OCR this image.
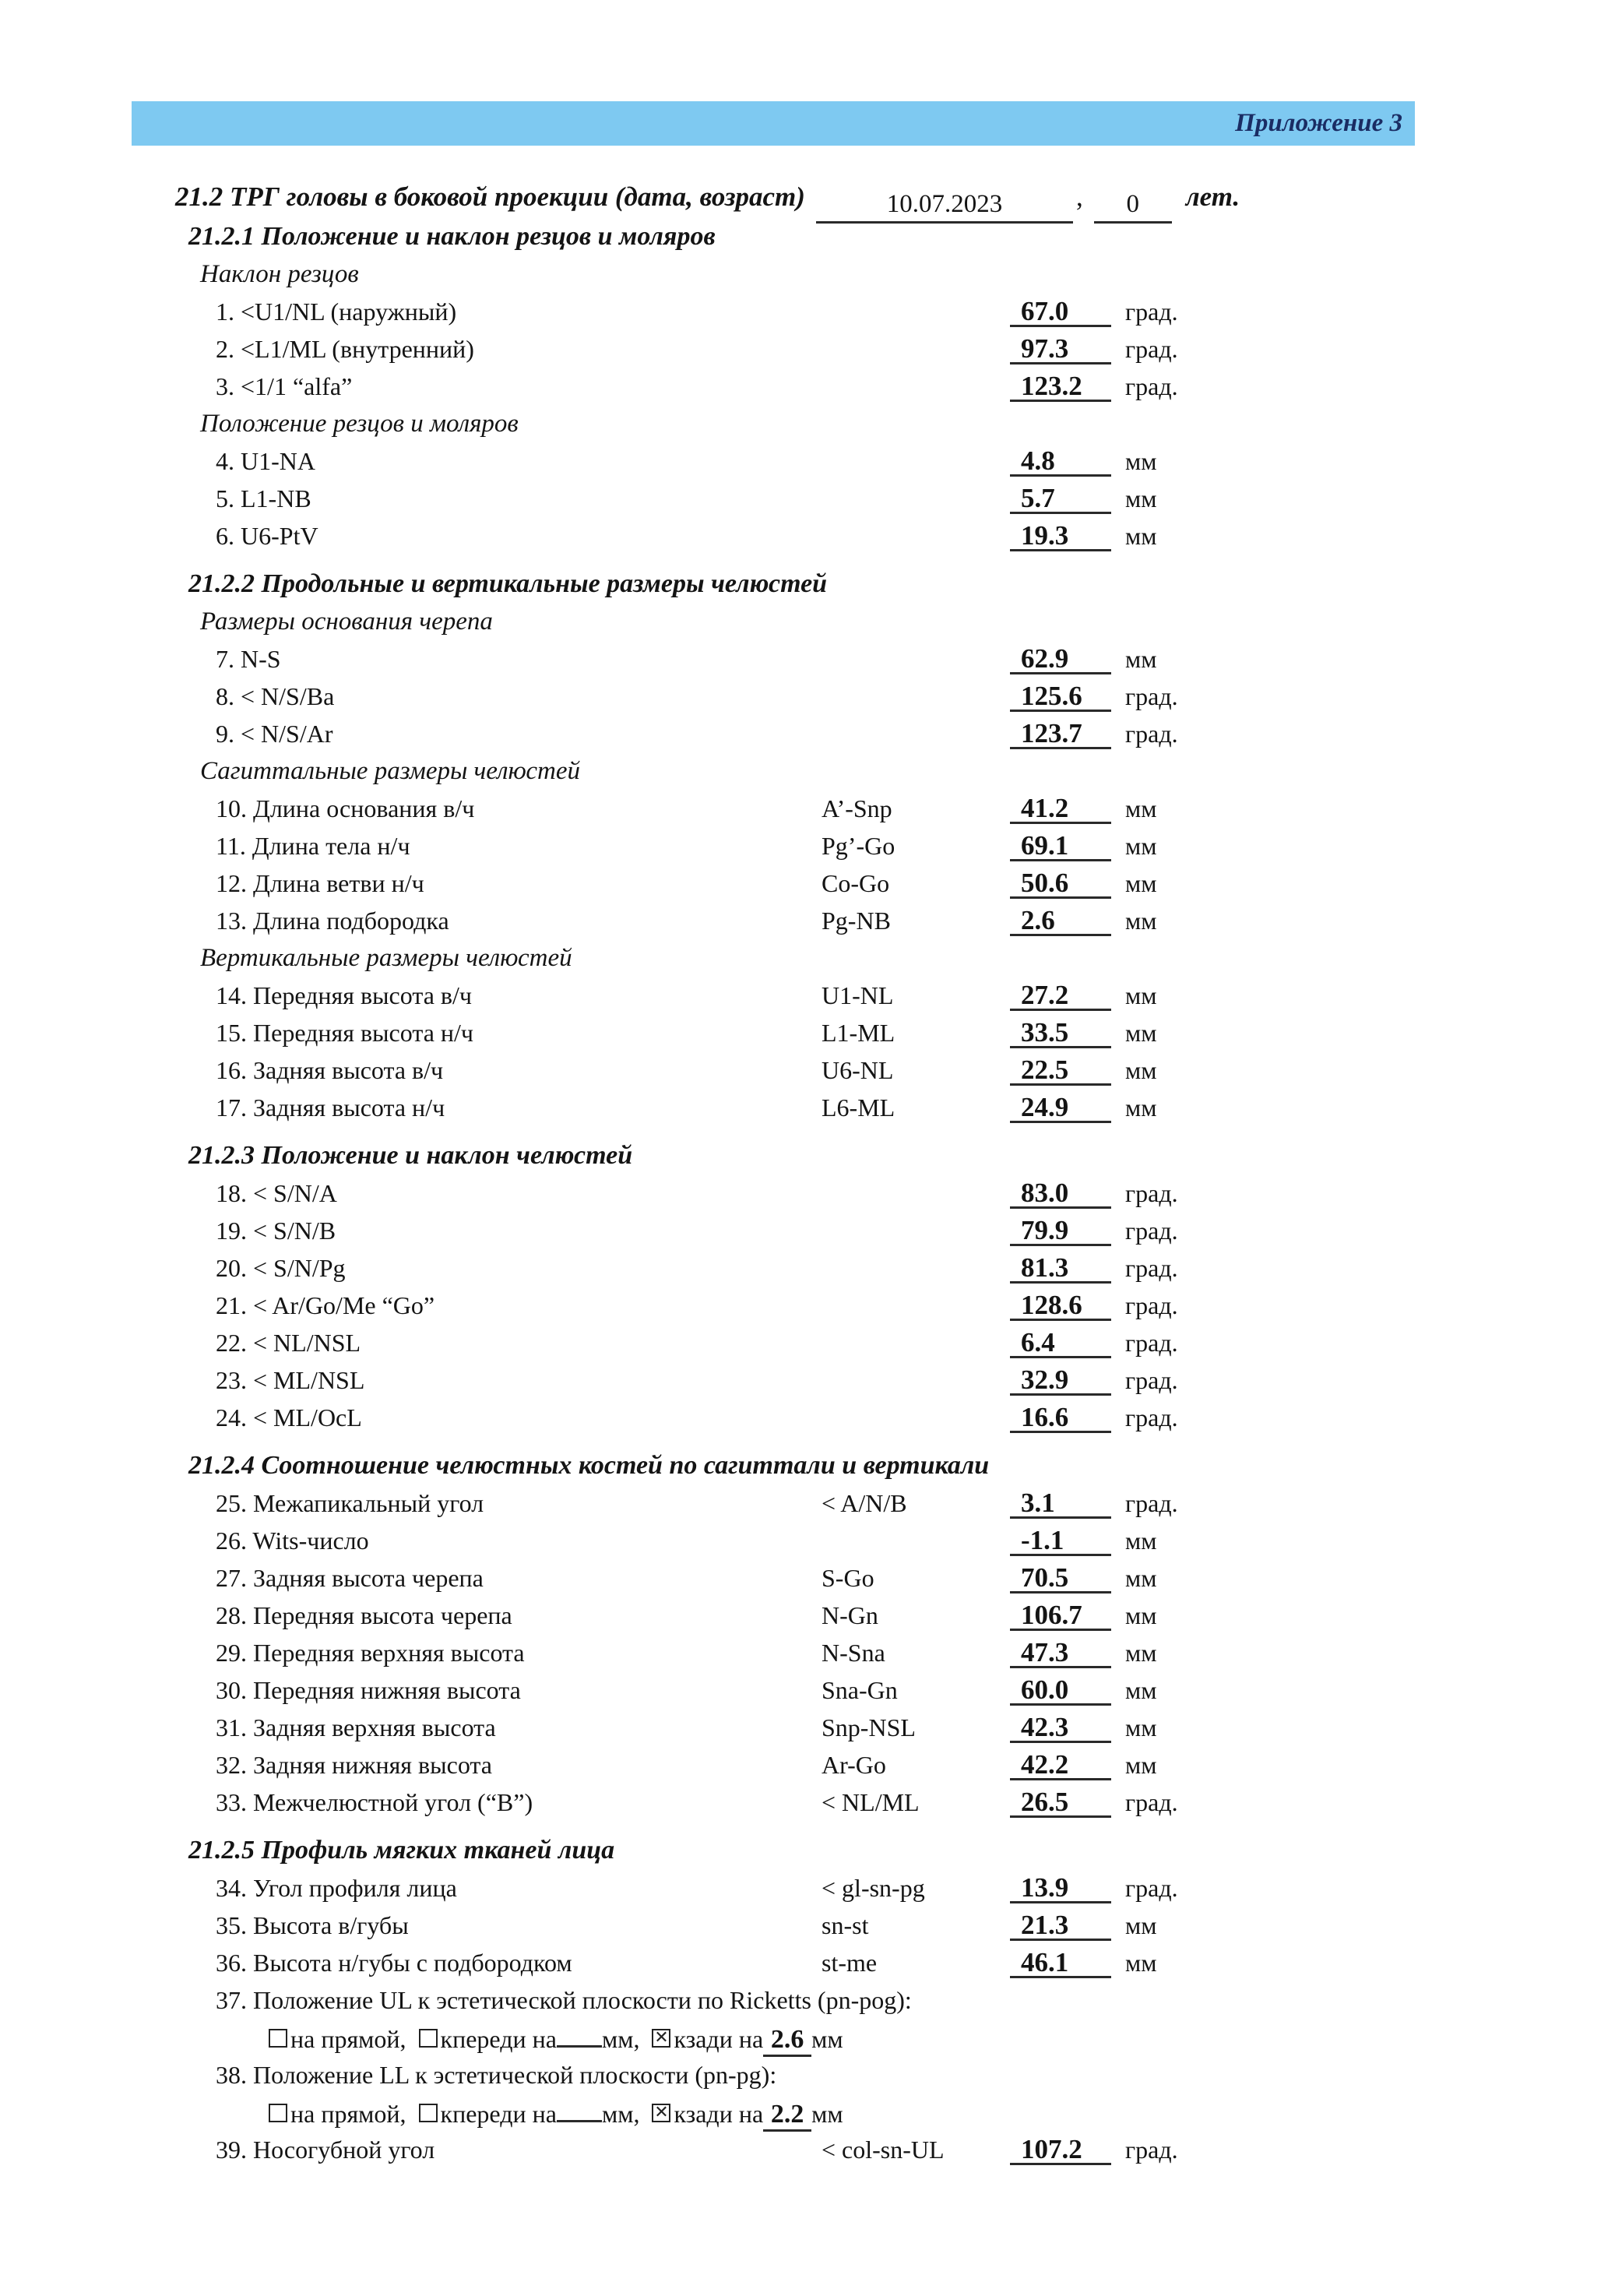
Приложение 3
21.2 ТРГ головы в боковой проекции (дата, возраст)	10.07.2023	, 0 лет.
21.2.1 Положение и наклон резцов и моляров
Наклон резцов
1. <U1/NL (наружный)	67.0	град.
2. <L1/ML (внутренний)	97.3	град.
3. <1/1 “alfa”	123.2	град.
Положение резцов и моляров
4. U1-NA	4.8	мм
5. L1-NB	5.7	мм
6. U6-PtV	19.3	мм
21.2.2 Продольные и вертикальные размеры челюстей
Размеры основания черепа
7. N-S	62.9	мм
8. < N/S/Ba	125.6	град.
9. < N/S/Ar	123.7	град.
Сагиттальные размеры челюстей
10. Длина основания в/ч	A’-Snp	41.2	мм
11. Длина тела н/ч	Pg’-Go	69.1	мм
12. Длина ветви н/ч	Co-Go	50.6	мм
13. Длина подбородка	Pg-NB	2.6	мм
Вертикальные размеры челюстей
14. Передняя высота в/ч	U1-NL	27.2	мм
15. Передняя высота н/ч	L1-ML	33.5	мм
16. Задняя высота в/ч	U6-NL	22.5	мм
17. Задняя высота н/ч	L6-ML	24.9	мм
21.2.3 Положение и наклон челюстей
18. < S/N/A	83.0	град.
19. < S/N/B	79.9	град.
20. < S/N/Pg	81.3	град.
21. < Ar/Go/Me “Go”	128.6	град.
22. < NL/NSL	6.4	град.
23. < ML/NSL	32.9	град.
24. < ML/OcL	16.6	град.
21.2.4 Соотношение челюстных костей по сагиттали и вертикали
25. Межапикальный угол	< A/N/B	3.1	град.
26. Wits-число	-1.1	мм
27. Задняя высота черепа	S-Go	70.5	мм
28. Передняя высота черепа	N-Gn	106.7	мм
29. Передняя верхняя высота	N-Sna	47.3	мм
30. Передняя нижняя высота	Sna-Gn	60.0	мм
31. Задняя верхняя высота	Snp-NSL	42.3	мм
32. Задняя нижняя высота	Ar-Go	42.2	мм
33. Межчелюстной угол (“B”)	< NL/ML	26.5	град.
21.2.5 Профиль мягких тканей лица
34. Угол профиля лица	< gl-sn-pg	13.9	град.
35. Высота в/губы	sn-st	21.3	мм
36. Высота н/губы с подбородком	st-me	46.1	мм
37. Положение UL к эстетической плоскости по Ricketts (pn-pog):
на прямой, кпереди на мм, ✕ кзади на 2.6 мм
38. Положение LL к эстетической плоскости (pn-pg):
на прямой, кпереди на мм, ✕ кзади на 2.2 мм
39. Носогубной угол	< col-sn-UL	107.2	град.
